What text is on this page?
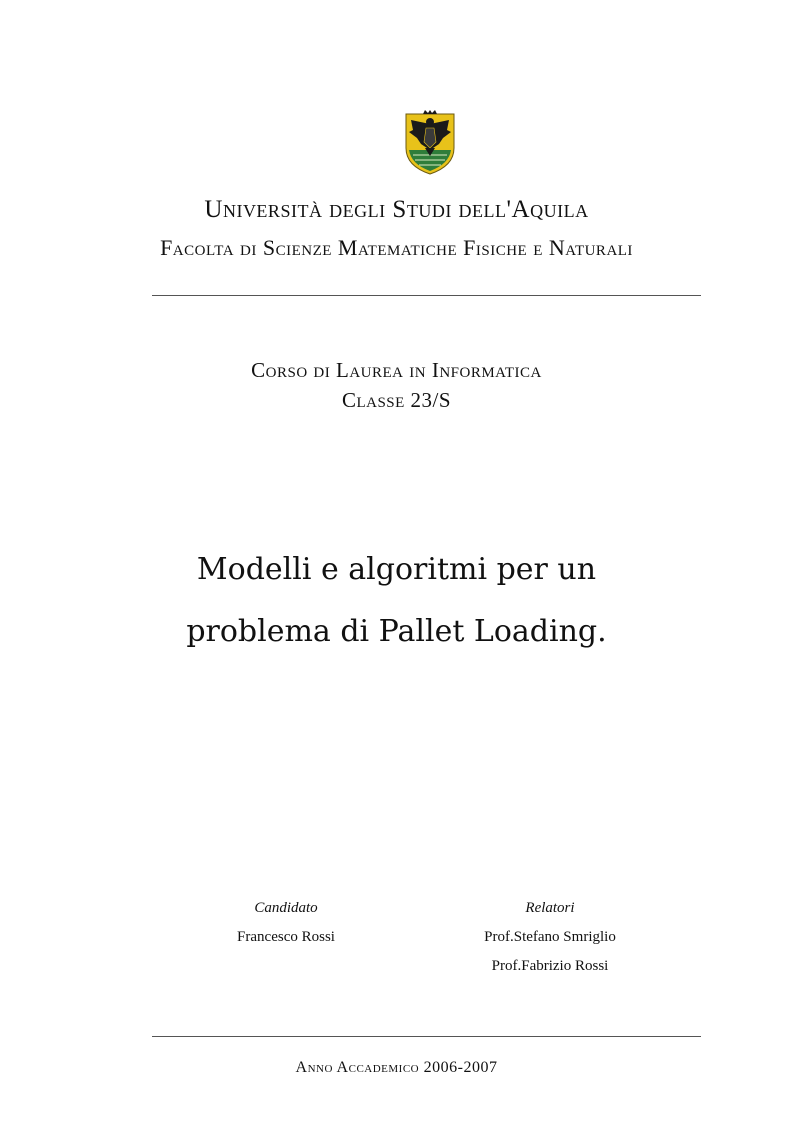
Università degli Studi dell'Aquila
Facolta di Scienze Matematiche Fisiche e Naturali
Corso di Laurea in Informatica
Classe 23/S
Modelli e algoritmi per un
problema di Pallet Loading.
Candidato
Francesco Rossi
Relatori
Prof.Stefano Smriglio
Prof.Fabrizio Rossi
Anno Accademico 2006-2007
